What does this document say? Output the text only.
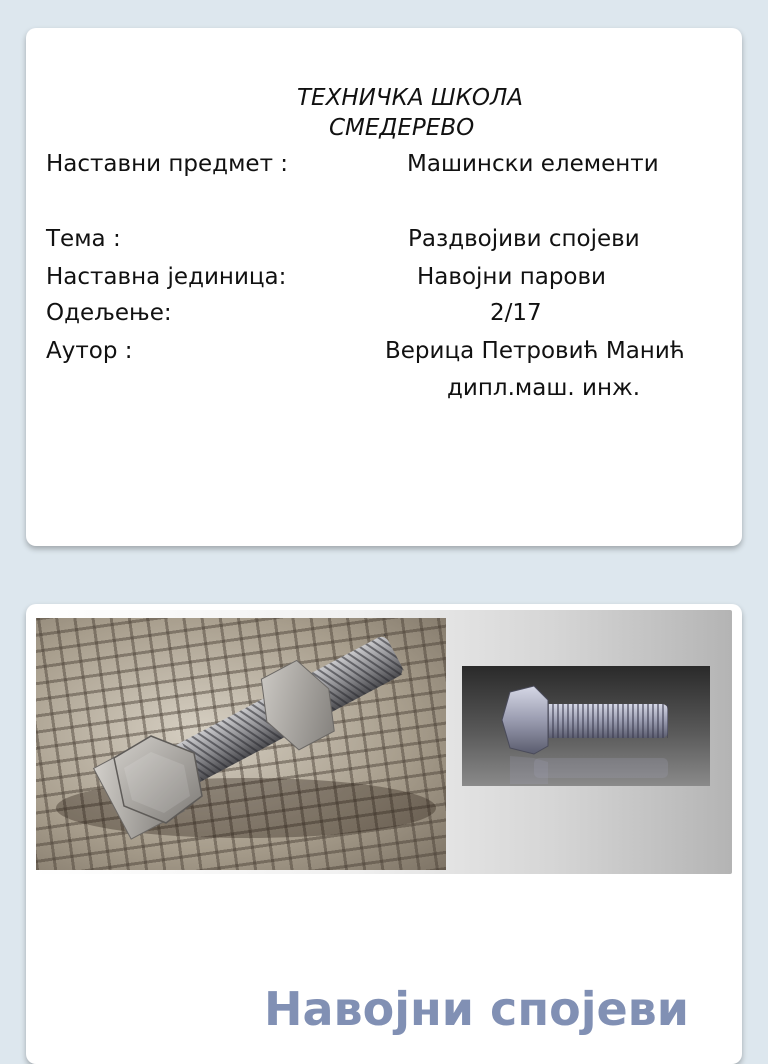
ТЕХНИЧКА ШКОЛА
СМЕДЕРЕВО
Наставни предмет :	Машински елементи
Тема :	Раздвојиви спојеви
Наставна јединица:	Навојни парови
Одељење:	2/17
Аутор :	Верица Петровић Манић
дипл.маш. инж.
Навојни спојеви
